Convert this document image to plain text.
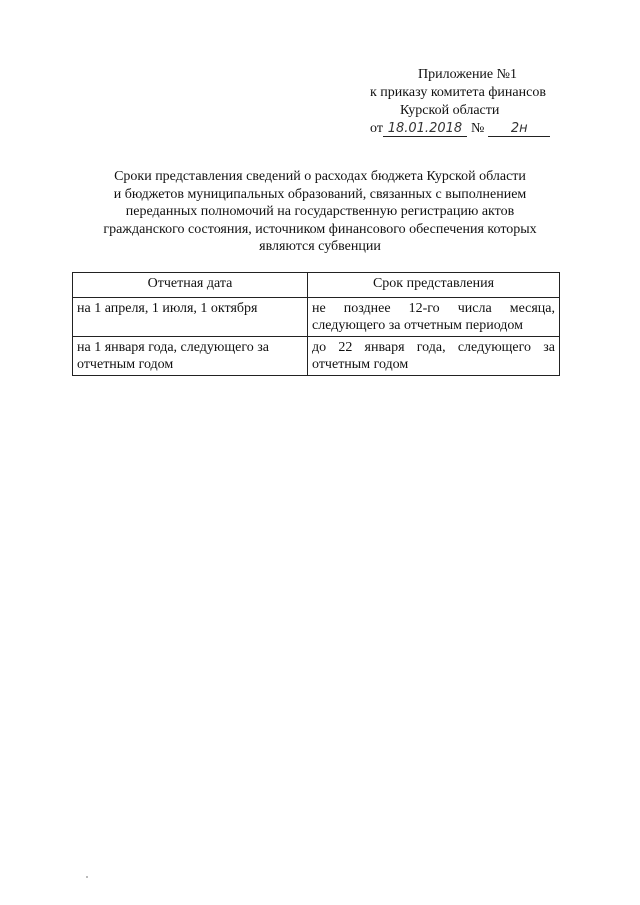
Приложение №1
к приказу комитета финансов
Курской области
от 18.01.2018 № 2н
Сроки представления сведений о расходах бюджета Курской области
и бюджетов муниципальных образований, связанных с выполнением
переданных полномочий на государственную регистрацию актов
гражданского состояния, источником финансового обеспечения которых
являются субвенции
Отчетная дата	Срок представления
на 1 апреля, 1 июля, 1 октября	не позднее 12-го числа месяца, следующего за отчетным периодом
на 1 января года, следующего за отчетным годом	до 22 января года, следующего за отчетным годом
